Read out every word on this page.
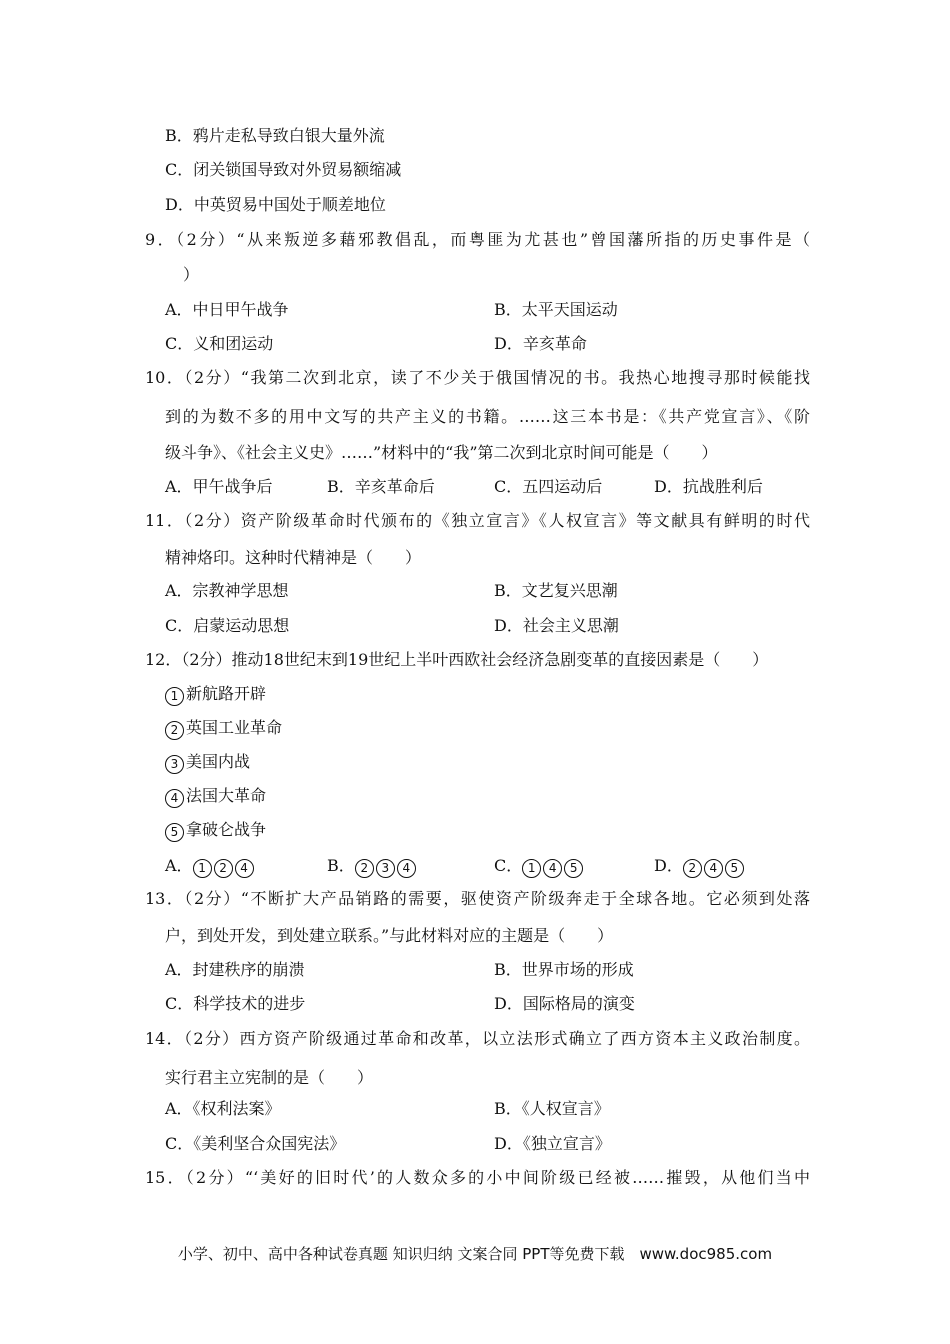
B．鸦片走私导致白银大量外流
C．闭关锁国导致对外贸易额缩减
D．中英贸易中国处于顺差地位
9．（2分）“从来叛逆多藉邪教倡乱，而粤匪为尤甚也”曾国藩所指的历史事件是（
）
A．中日甲午战争	B．太平天国运动
C．义和团运动	D．辛亥革命
10．（2分）“我第二次到北京，读了不少关于俄国情况的书。我热心地搜寻那时候能找
到的为数不多的用中文写的共产主义的书籍。……这三本书是：《共产党宣言》、《阶
级斗争》、《社会主义史》……”材料中的“我”第二次到北京时间可能是（　　）
A．甲午战争后	B．辛亥革命后	C．五四运动后	D．抗战胜利后
11．（2分）资产阶级革命时代颁布的《独立宣言》《人权宣言》等文献具有鲜明的时代
精神烙印。这种时代精神是（　　）
A．宗教神学思想	B．文艺复兴思潮
C．启蒙运动思想	D．社会主义思潮
12．（2分）推动18世纪末到19世纪上半叶西欧社会经济急剧变革的直接因素是（　　）
1 新航路开辟
2 英国工业革命
3 美国内战
4 法国大革命
5 拿破仑战争
A． 1 2 4	B． 2 3 4	C． 1 4 5	D． 2 4 5
13．（2分）“不断扩大产品销路的需要，驱使资产阶级奔走于全球各地。它必须到处落
户，到处开发，到处建立联系。”与此材料对应的主题是（　　）
A．封建秩序的崩溃	B．世界市场的形成
C．科学技术的进步	D．国际格局的演变
14．（2分）西方资产阶级通过革命和改革，以立法形式确立了西方资本主义政治制度。
实行君主立宪制的是（　　）
A．《权利法案》	B．《人权宣言》
C．《美利坚合众国宪法》	D．《独立宣言》
15．（2分）“‘美好的旧时代’的人数众多的小中间阶级已经被……摧毁，从他们当中
小学、初中、高中各种试卷真题 知识归纳 文案合同 PPT等免费下载　www.doc985.com
